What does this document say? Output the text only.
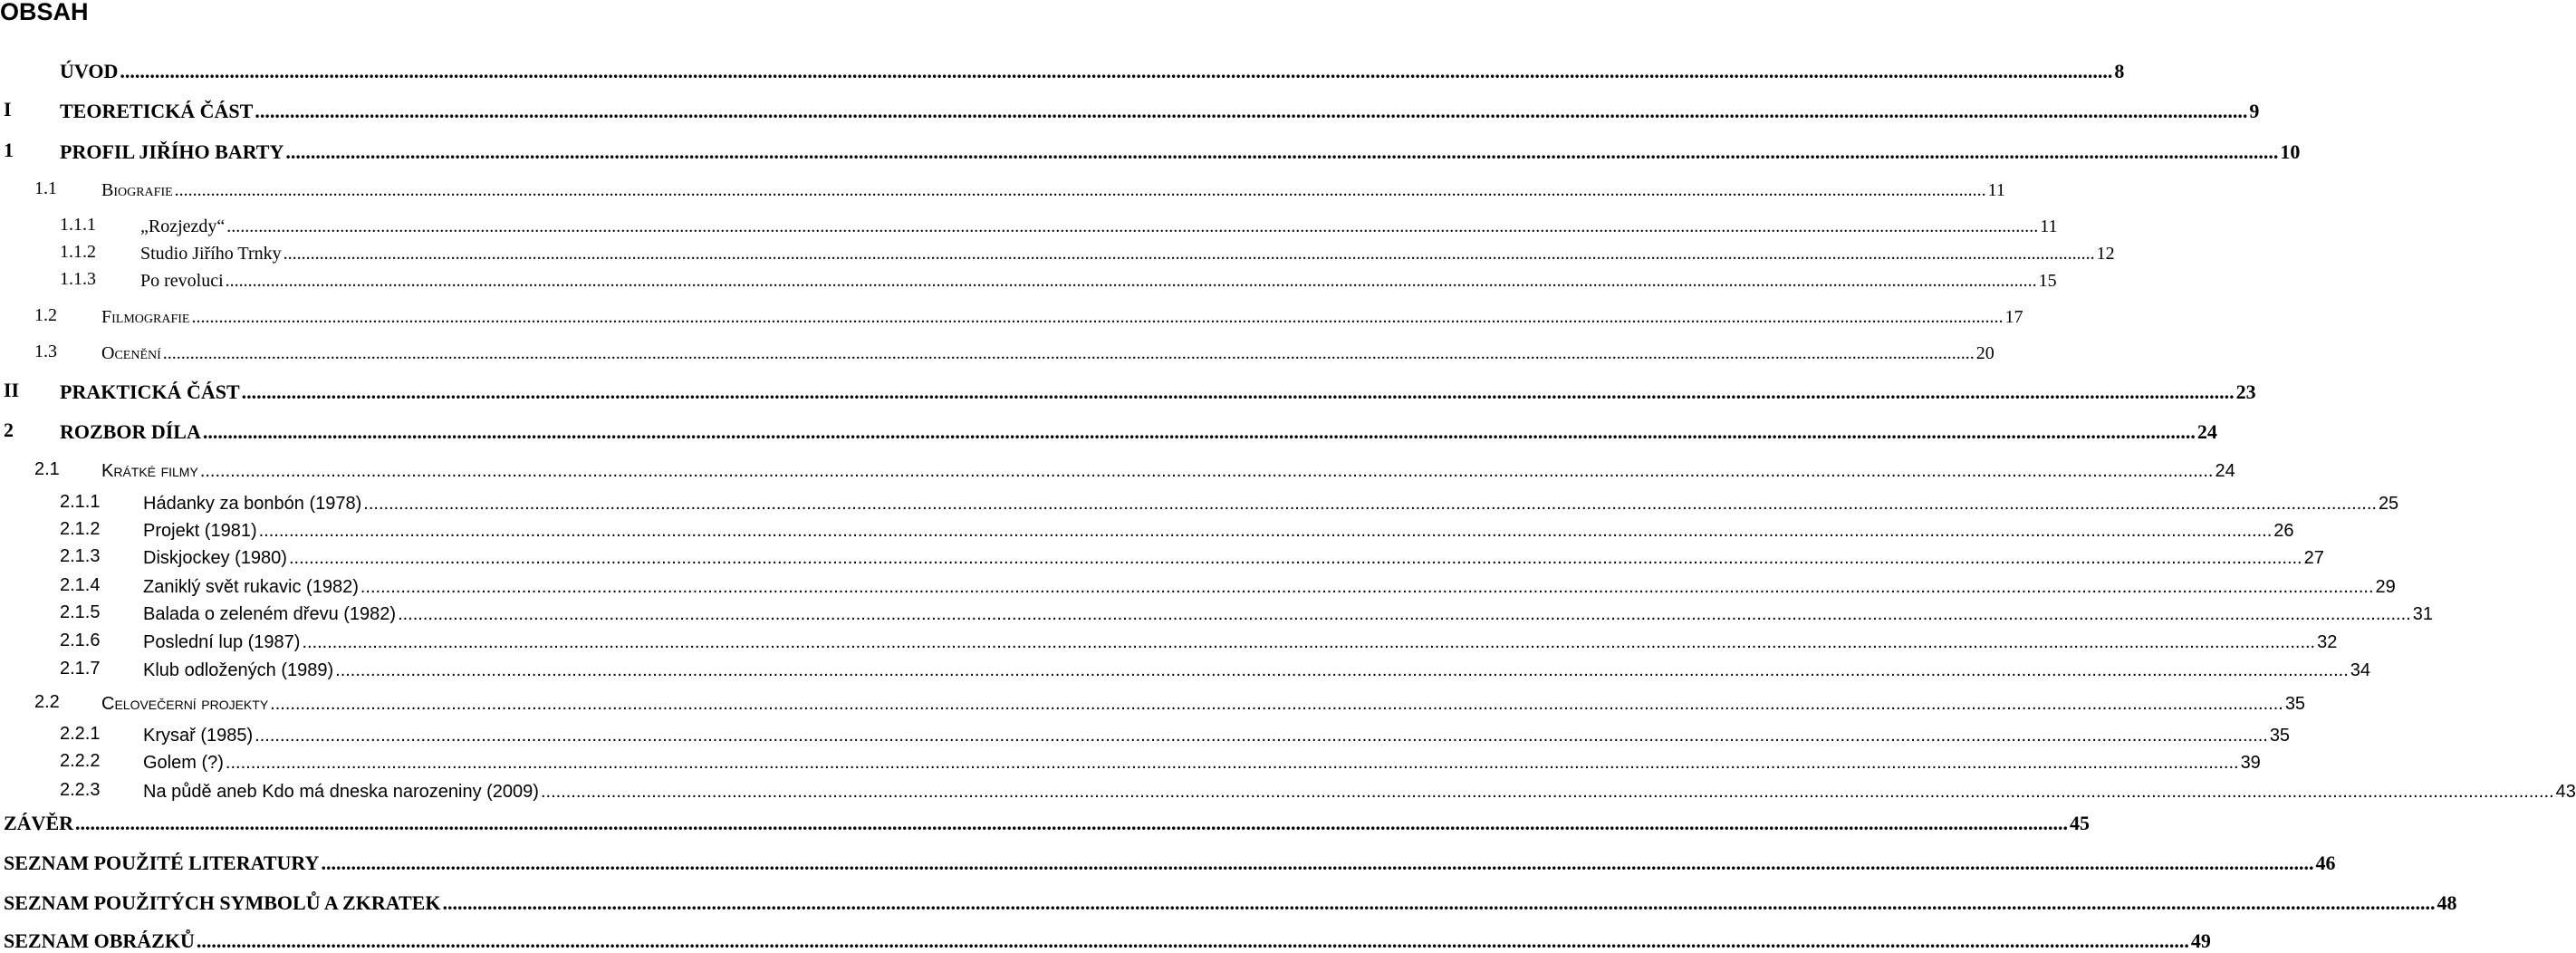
OBSAH
ÚVOD ................................................................................................................................................................................................................................................................................................................................................................................................................ 8
I TEORETICKÁ ČÁST ................................................................................................................................................................................................................................................................................................................................................................................................................ 9
1 PROFIL JIŘÍHO BARTY ................................................................................................................................................................................................................................................................................................................................................................................................................ 10
1.1 Biografie ................................................................................................................................................................................................................................................................................................................................................................................................................ 11
1.1.1 „Rozjezdy“ ................................................................................................................................................................................................................................................................................................................................................................................................................ 11
1.1.2 Studio Jiřího Trnky ................................................................................................................................................................................................................................................................................................................................................................................................................ 12
1.1.3 Po revoluci ................................................................................................................................................................................................................................................................................................................................................................................................................ 15
1.2 Filmografie ................................................................................................................................................................................................................................................................................................................................................................................................................ 17
1.3 Ocenění ................................................................................................................................................................................................................................................................................................................................................................................................................ 20
II PRAKTICKÁ ČÁST ................................................................................................................................................................................................................................................................................................................................................................................................................ 23
2 ROZBOR DÍLA ................................................................................................................................................................................................................................................................................................................................................................................................................ 24
2.1 Krátké filmy ................................................................................................................................................................................................................................................................................................................................................................................................................ 24
2.1.1 Hádanky za bonbón (1978) ................................................................................................................................................................................................................................................................................................................................................................................................................ 25
2.1.2 Projekt (1981) ................................................................................................................................................................................................................................................................................................................................................................................................................ 26
2.1.3 Diskjockey (1980) ................................................................................................................................................................................................................................................................................................................................................................................................................ 27
2.1.4 Zaniklý svět rukavic (1982) ................................................................................................................................................................................................................................................................................................................................................................................................................ 29
2.1.5 Balada o zeleném dřevu (1982) ................................................................................................................................................................................................................................................................................................................................................................................................................ 31
2.1.6 Poslední lup (1987) ................................................................................................................................................................................................................................................................................................................................................................................................................ 32
2.1.7 Klub odložených (1989) ................................................................................................................................................................................................................................................................................................................................................................................................................ 34
2.2 Celovečerní projekty ................................................................................................................................................................................................................................................................................................................................................................................................................ 35
2.2.1 Krysař (1985) ................................................................................................................................................................................................................................................................................................................................................................................................................ 35
2.2.2 Golem (?) ................................................................................................................................................................................................................................................................................................................................................................................................................ 39
2.2.3 Na půdě aneb Kdo má dneska narozeniny (2009) ................................................................................................................................................................................................................................................................................................................................................................................................................ 43
ZÁVĚR ................................................................................................................................................................................................................................................................................................................................................................................................................ 45
SEZNAM POUŽITÉ LITERATURY ................................................................................................................................................................................................................................................................................................................................................................................................................ 46
SEZNAM POUŽITÝCH SYMBOLŮ A ZKRATEK ................................................................................................................................................................................................................................................................................................................................................................................................................ 48
SEZNAM OBRÁZKŮ ................................................................................................................................................................................................................................................................................................................................................................................................................ 49
